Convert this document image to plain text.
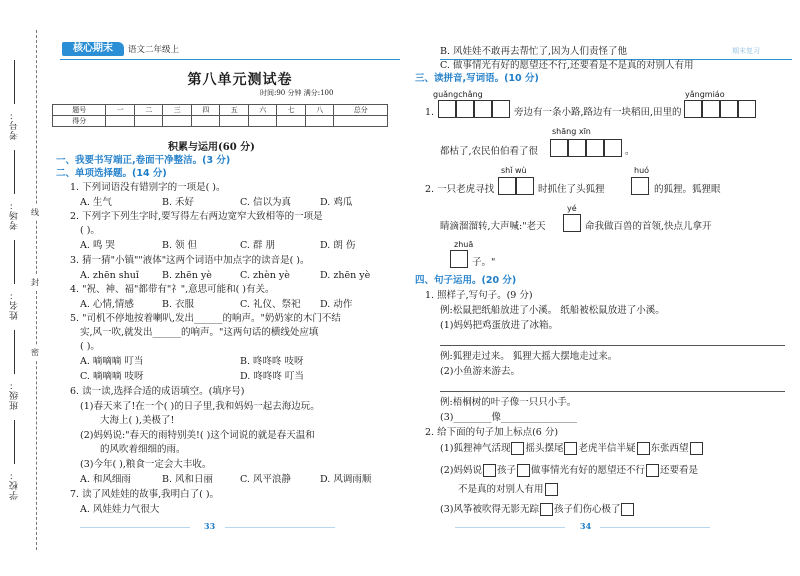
考号：
考场：
姓名：
班级：
学校：
线
封
密
核心期末	语文二年级上	期末复习
第八单元测试卷
时间:90 分钟 满分:100
题号	一	二	三	四	五	六	七	八	总分
得分									
积累与运用(60 分)
一、我要书写端正,卷面干净整洁。(3 分)
二、单项选择题。(14 分)
1. 下列词语没有错别字的一项是( )。
A. 生气	B. 禾好	C. 信以为真	D. 鸡瓜
2. 下列字下列生字时,要写得左右两边宽窄大致相等的一项是
( )。
A. 鸣 哭	B. 领 但	C. 群 朋	D. 朗 伤
3. 猜一猜"小镇""液体"这两个词语中加点字的读音是( )。
A. zhēn shuǐ B. zhēn yè	C. zhèn yè	D. zhēn yè
4. "祝、神、福"都带有"礻",意思可能和( )有关。
A. 心情,情感	B. 衣服	C. 礼仪、祭祀 D. 动作
5. "司机不停地按着喇叭,发出______的响声。"奶奶家的木门不结
实,风一吹,就发出______的响声。"这两句话的横线处应填
( )。
A. 嘀嘀嘀 叮当	B. 咚咚咚 吱呀
C. 嘀嘀嘀 吱呀	D. 咚咚咚 叮当
6. 读一读,选择合适的成语填空。(填序号)
(1)春天来了!在一个( )的日子里,我和妈妈一起去海边玩。
大海上( ),美极了!
(2)妈妈说:"春天的雨特别美!( )这个词说的就是春天温和
的风吹着细细的雨。
(3)今年( ),粮食一定会大丰收。
A. 和风细雨	B. 风和日丽	C. 风平浪静	D. 风调雨顺
7. 读了风娃娃的故事,我明白了( )。
A. 风娃娃力气很大
33
B. 风娃娃不敢再去帮忙了,因为人们责怪了他
C. 做事情光有好的愿望还不行,还要看是不是真的对别人有用
三、读拼音,写词语。(10 分)
guǎngchǎng	yǎngmiáo
1.	旁边有一条小路,路边有一块稻田,田里的
shāng xīn
都枯了,农民伯伯看了很	。
shǐ wù	huó
2. 一只老虎寻找	时抓住了头狐狸	的狐狸。狐狸眼
yé
睛滴溜溜转,大声喊:"老天	命我做百兽的首领,快点儿拿开
zhuā
子。"
四、句子运用。(20 分)
1. 照样子,写句子。(9 分)
例:松鼠把纸船放进了小溪。 纸船被松鼠放进了小溪。
(1)妈妈把鸡蛋放进了冰箱。
例:狐狸走过来。 狐狸大摇大摆地走过来。
(2)小鱼游来游去。
例:梧桐树的叶子像一只只小手。
(3)________像________________
2. 给下面的句子加上标点(6 分)
(1)狐狸神气活现 摇头摆尾 老虎半信半疑 东张西望
(2)妈妈说 孩子 做事情光有好的愿望还不行 还要看是
不是真的对别人有用
(3)风筝被吹得无影无踪 孩子们伤心极了
34
